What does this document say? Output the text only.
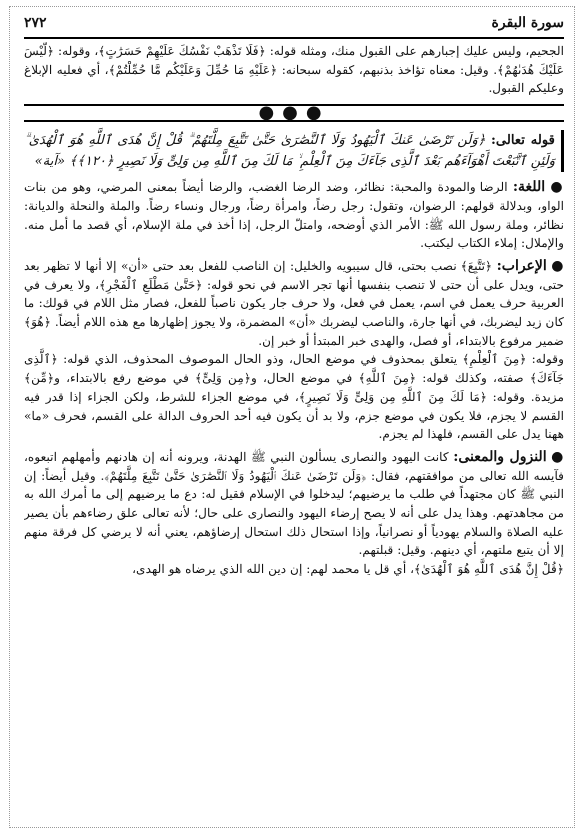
٢٧٢	سورة البقرة

الجحيم، وليس عليك إجبارهم على القبول منك، ومثله قوله: ﴿فَلَا تَذْهَبْ نَفْسُكَ عَلَيْهِمْ حَسَرَٰتٍ﴾، وقوله: ﴿لَّيْسَ عَلَيْكَ هُدَىٰهُمْ﴾. وقيل: معناه تؤاخذ بذنبهم، كقوله سبحانه: ﴿عَلَيْهِ مَا حُمِّلَ وَعَلَيْكُم مَّا حُمِّلْتُمْ﴾، أي فعليه الإبلاغ وعليكم القبول.

●●●
قوله تعالى: ﴿وَلَن تَرْضَىٰ عَنكَ ٱلْيَهُودُ وَلَا ٱلنَّصَٰرَىٰ حَتَّىٰ تَتَّبِعَ مِلَّتَهُمْ ۗ قُلْ إِنَّ هُدَى ٱللَّهِ هُوَ ٱلْهُدَىٰ ۗ وَلَئِنِ ٱتَّبَعْتَ أَهْوَآءَهُم بَعْدَ ٱلَّذِى جَآءَكَ مِنَ ٱلْعِلْمِ ۙ مَا لَكَ مِنَ ٱللَّهِ مِن وَلِىٍّ وَلَا نَصِيرٍ ﴿١٢٠﴾﴾ «آية»

● اللغة: الرضا والمودة والمحبة: نظائر، وضد الرضا الغضب، والرضا أيضاً بمعنى المرضي، وهو من بنات الواو، وبدلالة قولهم: الرضوان، وتقول: رجل رضاً، وامرأة رضاً، ورجال ونساء رضاً. والملة والنحلة والديانة: نظائر، وملة رسول الله ﷺ: الأمر الذي أوضحه، وامتلّ الرجل، إذا أخذ في ملة الإسلام، أي قصد ما أمل منه. والإملال: إملاء الكتاب ليكتب.

● الإعراب: ﴿تَتَّبِعَ﴾ نصب بحتى، قال سيبويه والخليل: إن الناصب للفعل بعد حتى «أن» إلا أنها لا تظهر بعد حتى، ويدل على أن حتى لا تنصب بنفسها أنها تجر الاسم في نحو قوله: ﴿حَتَّىٰ مَطْلَعِ ٱلْفَجْرِ﴾، ولا يعرف في العربية حرف يعمل في اسم، يعمل في فعل، ولا حرف جار يكون ناصباً للفعل، فصار مثل اللام في قولك: ما كان زيد ليضربك، في أنها جارة، والناصب ليضربك «أن» المضمرة، ولا يجوز إظهارها مع هذه اللام أيضاً. ﴿هُوَ﴾ ضمير مرفوع بالابتداء، أو فصل، والهدى خبر المبتدأ أو خبر إن.

وقوله: ﴿مِنَ ٱلْعِلْمِ﴾ يتعلق بمحذوف في موضع الحال، وذو الحال الموصوف المحذوف، الذي قوله: ﴿ٱلَّذِى جَآءَكَ﴾ صفته، وكذلك قوله: ﴿مِنَ ٱللَّهِ﴾ في موضع الحال، و﴿مِن وَلِىٍّ﴾ في موضع رفع بالابتداء، و﴿مِّن﴾ مزيدة. وقوله: ﴿مَا لَكَ مِنَ ٱللَّهِ مِن وَلِىٍّ وَلَا نَصِيرٍ﴾، في موضع الجزاء للشرط، ولكن الجزاء إذا قدر فيه القسم لا يجزم، فلا يكون في موضع جزم، ولا بد أن يكون فيه أحد الحروف الدالة على القسم، فحرف «ما» ههنا يدل على القسم، فلهذا لم يجزم.

● النزول والمعنى: كانت اليهود والنصارى يسألون النبي ﷺ الهدنة، ويرونه أنه إن هادنهم وأمهلهم اتبعوه، فآيسه الله تعالى من موافقتهم، فقال: ﴿وَلَن تَرْضَىٰ عَنكَ ٱلْيَهُودُ وَلَا ٱلنَّصَٰرَىٰ حَتَّىٰ تَتَّبِعَ مِلَّتَهُمْ﴾. وقيل أيضاً: إن النبي ﷺ كان مجتهداً في طلب ما يرضيهم؛ ليدخلوا في الإسلام فقيل له: دع ما يرضيهم إلى ما أمرك الله به من مجاهدتهم. وهذا يدل على أنه لا يصح إرضاء اليهود والنصارى على حال؛ لأنه تعالى علق رضاءهم بأن يصير عليه الصلاة والسلام يهودياً أو نصرانياً، وإذا استحال ذلك استحال إرضاؤهم، يعني أنه لا يرضي كل فرقة منهم إلا أن يتبع ملتهم، أي دينهم. وقيل: قبلتهم.

﴿قُلْ إِنَّ هُدَى ٱللَّهِ هُوَ ٱلْهُدَىٰ﴾، أي قل يا محمد لهم: إن دين الله الذي يرضاه هو الهدى،
